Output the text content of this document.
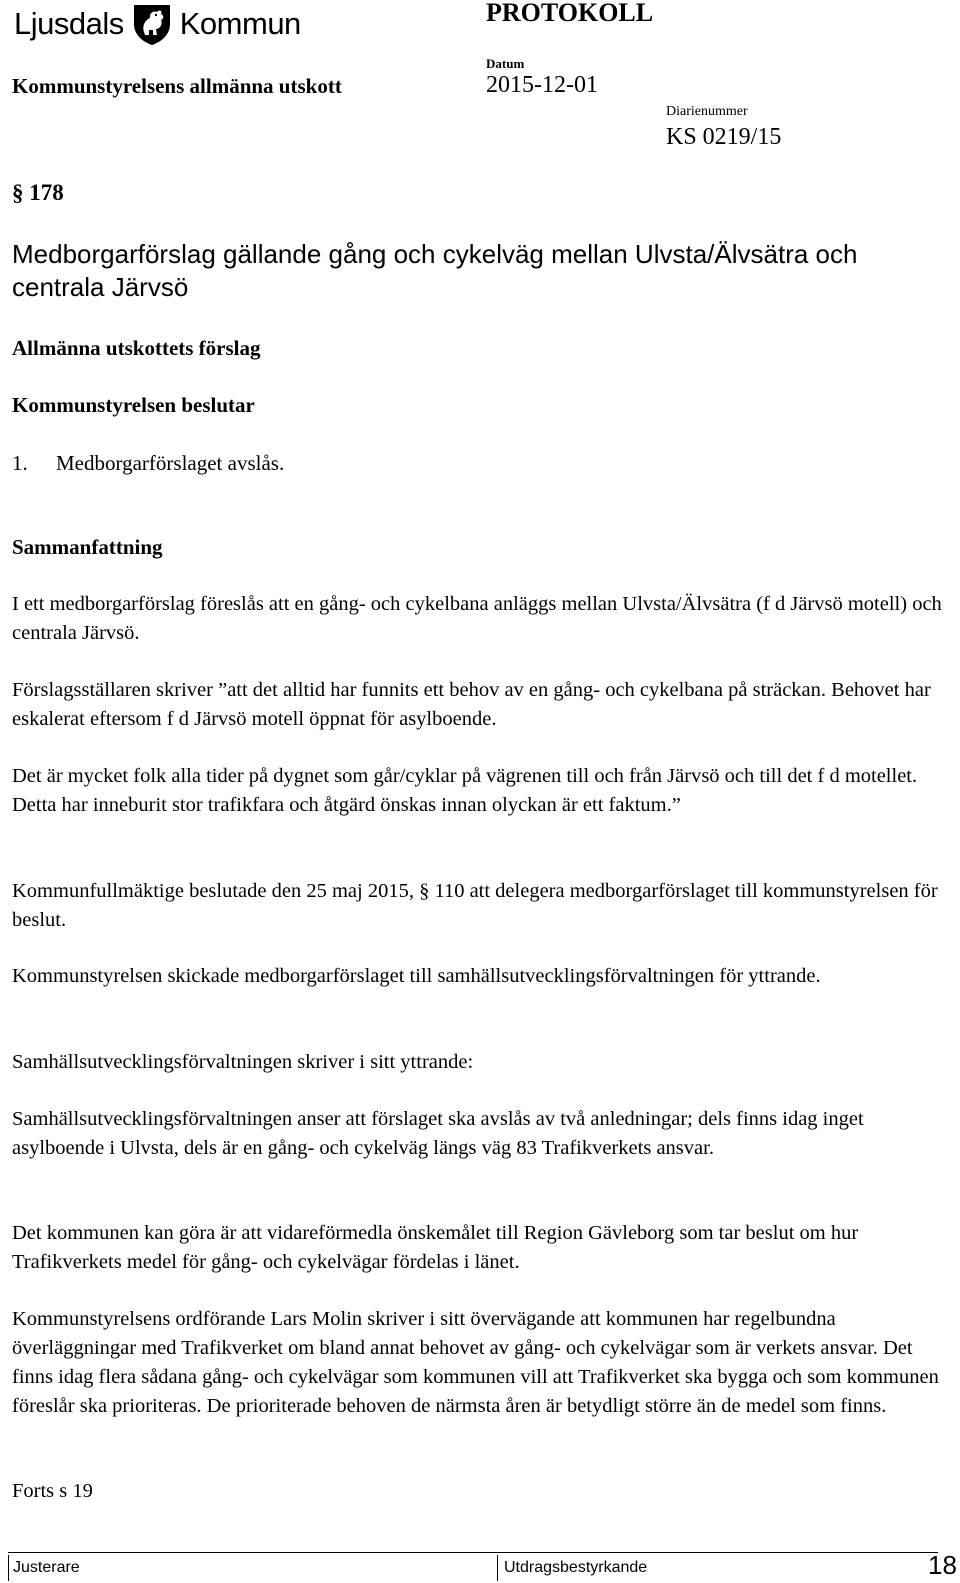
Ljusdals Kommun	PROTOKOLL
Kommunstyrelsens allmänna utskott
Datum
2015-12-01
Diarienummer
KS 0219/15
§ 178
Medborgarförslag gällande gång och cykelväg mellan Ulvsta/Älvsätra och centrala Järvsö
Allmänna utskottets förslag
Kommunstyrelsen beslutar
1. Medborgarförslaget avslås.
Sammanfattning
I ett medborgarförslag föreslås att en gång- och cykelbana anläggs mellan Ulvsta/Älvsätra (f d Järvsö motell) och centrala Järvsö.
Förslagsställaren skriver ”att det alltid har funnits ett behov av en gång- och cykelbana på sträckan. Behovet har eskalerat eftersom f d Järvsö motell öppnat för asylboende.
Det är mycket folk alla tider på dygnet som går/cyklar på vägrenen till och från Järvsö och till det f d motellet. Detta har inneburit stor trafikfara och åtgärd önskas innan olyckan är ett faktum.”
Kommunfullmäktige beslutade den 25 maj 2015, § 110 att delegera medborgarförslaget till kommunstyrelsen för beslut.
Kommunstyrelsen skickade medborgarförslaget till samhällsutvecklingsförvaltningen för yttrande.
Samhällsutvecklingsförvaltningen skriver i sitt yttrande:
Samhällsutvecklingsförvaltningen anser att förslaget ska avslås av två anledningar; dels finns idag inget asylboende i Ulvsta, dels är en gång- och cykelväg längs väg 83 Trafikverkets ansvar.
Det kommunen kan göra är att vidareförmedla önskemålet till Region Gävleborg som tar beslut om hur Trafikverkets medel för gång- och cykelvägar fördelas i länet.
Kommunstyrelsens ordförande Lars Molin skriver i sitt övervägande att kommunen har regelbundna överläggningar med Trafikverket om bland annat behovet av gång- och cykelvägar som är verkets ansvar. Det finns idag flera sådana gång- och cykelvägar som kommunen vill att Trafikverket ska bygga och som kommunen föreslår ska prioriteras. De prioriterade behoven de närmsta åren är betydligt större än de medel som finns.
Forts s 19
Justerare	Utdragsbestyrkande	18
